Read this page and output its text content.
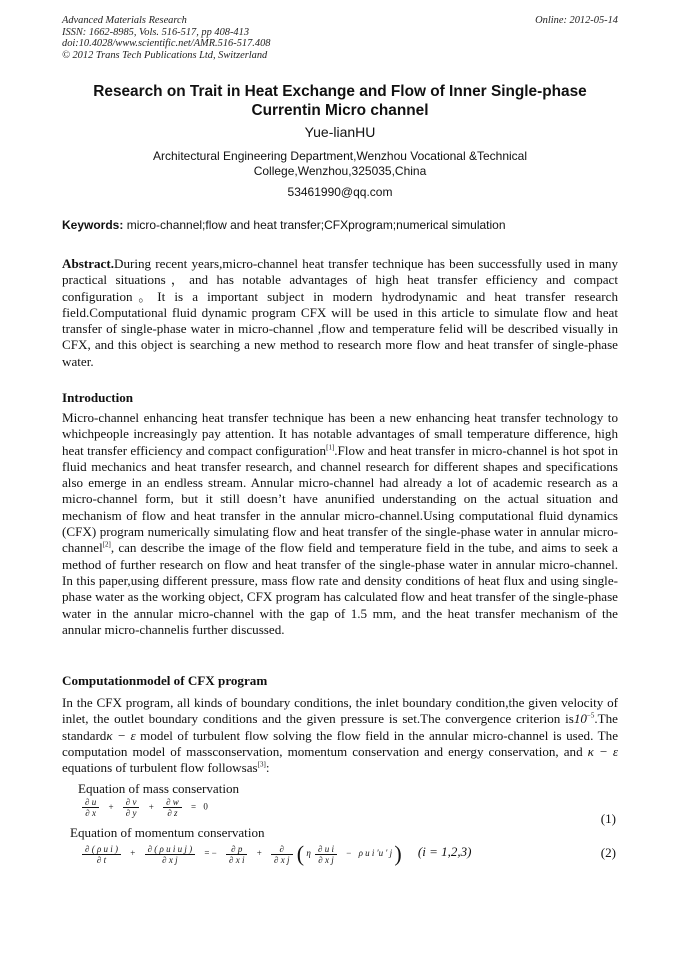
Advanced Materials Research
ISSN: 1662-8985, Vols. 516-517, pp 408-413
doi:10.4028/www.scientific.net/AMR.516-517.408
© 2012 Trans Tech Publications Ltd, Switzerland
Online: 2012-05-14
Research on Trait in Heat Exchange and Flow of Inner Single-phase Currentin Micro channel
Yue-lianHU
Architectural Engineering Department,Wenzhou Vocational &Technical College,Wenzhou,325035,China
53461990@qq.com
Keywords: micro-channel;flow and heat transfer;CFXprogram;numerical simulation
Abstract.During recent years,micro-channel heat transfer technique has been successfully used in many practical situations，and has notable advantages of high heat transfer efficiency and compact configuration。It is a important subject in modern hydrodynamic and heat transfer research field.Computational fluid dynamic program CFX will be used in this article to simulate flow and heat transfer of single-phase water in micro-channel ,flow and temperature felid will be described visually in CFX, and this object is searching a new method to research more flow and heat transfer of single-phase water.
Introduction
Micro-channel enhancing heat transfer technique has been a new enhancing heat transfer technology to whichpeople increasingly pay attention. It has notable advantages of small temperature difference, high heat transfer efficiency and compact configuration[1].Flow and heat transfer in micro-channel is hot spot in fluid mechanics and heat transfer research, and channel research for different shapes and specifications also emerge in an endless stream. Annular micro-channel had already a lot of academic research as a micro-channel form, but it still doesn’t have anunified understanding on the actual situation and mechanism of flow and heat transfer in the annular micro-channel.Using computational fluid dynamics (CFX) program numerically simulating flow and heat transfer of the single-phase water in annular micro-channel[2], can describe the image of the flow field and temperature field in the tube, and aims to seek a method of further research on flow and heat transfer of the single-phase water in annular micro-channel. In this paper,using different pressure, mass flow rate and density conditions of heat flux and using single-phase water as the working object, CFX program has calculated flow and heat transfer of the single-phase water in the annular micro-channel with the gap of 1.5 mm, and the heat transfer mechanism of the annular micro-channelis further discussed.
Computationmodel of CFX program
In the CFX program, all kinds of boundary conditions, the inlet boundary condition,the given velocity of inlet, the outlet boundary conditions and the given pressure is set.The convergence criterion $is10^{-5}.The$ standardκ − ε model of turbulent flow solving the flow field in the annular micro-channel is used. The computation model of massconservation, momentum conservation and energy conservation, and κ − ε equations of turbulent flow followsas[3]:
Equation of mass conservation
$\frac{\partial u}{\partial x} + \frac{\partial v}{\partial y} + \frac{\partial w}{\partial z} = 0$
(1)
Equation of momentum conservation
$\frac{\text{∂ ( ρ u i )}}{\partial t} + \frac{\text{∂ ( ρ u i u j )}}{\text{∂ x j}}$ = − $\frac{\partial p}{\text{∂ x i}} + \frac{\partial}{\text{∂ x j}}$ ( η $\frac{\text{∂ u i}}{\text{∂ x j}} - \rho$ u i ′u ′ j ) (i = 1,2,3)	(2)
